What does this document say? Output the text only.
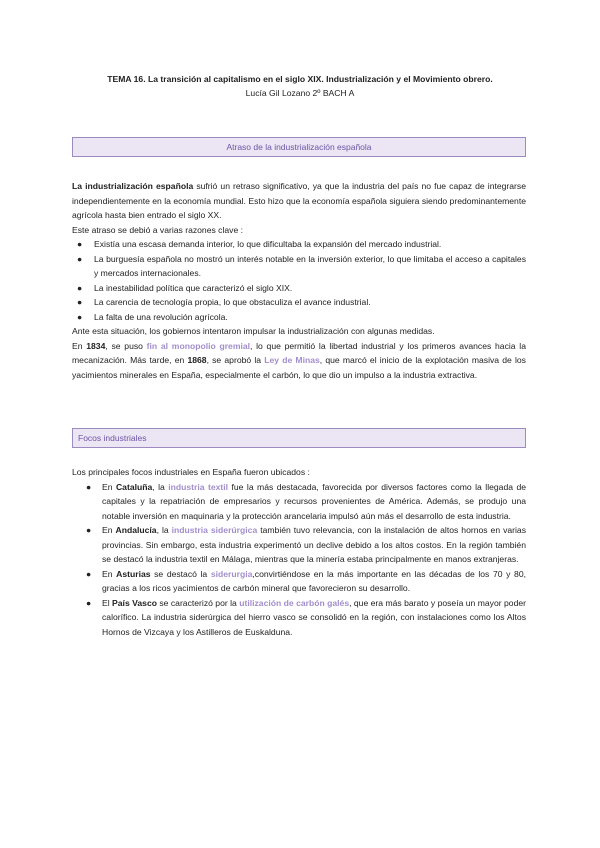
TEMA 16. La transición al capitalismo en el siglo XIX. Industrialización y el Movimiento obrero.
Lucía Gil Lozano 2º BACH A
Atraso de la industrialización española

La industrialización española sufrió un retraso significativo, ya que la industria del país no fue capaz de integrarse independientemente en la economía mundial. Esto hizo que la economía española siguiera siendo predominantemente agrícola hasta bien entrado el siglo XX.

Este atraso se debió a varias razones clave :

● Existía una escasa demanda interior, lo que dificultaba la expansión del mercado industrial.
● La burguesía española no mostró un interés notable en la inversión exterior, lo que limitaba el acceso a capitales y mercados internacionales.
● La inestabilidad política que caracterizó el siglo XIX.
● La carencia de tecnología propia, lo que obstaculiza el avance industrial.
● La falta de una revolución agrícola.

Ante esta situación, los gobiernos intentaron impulsar la industrialización con algunas medidas.

En 1834, se puso fin al monopolio gremial, lo que permitió la libertad industrial y los primeros avances hacia la mecanización. Más tarde, en 1868, se aprobó la Ley de Minas, que marcó el inicio de la explotación masiva de los yacimientos minerales en España, especialmente el carbón, lo que dio un impulso a la industria extractiva.

Focos industriales

Los principales focos industriales en España fueron ubicados :

● En Cataluña, la industria textil fue la más destacada, favorecida por diversos factores como la llegada de capitales y la repatriación de empresarios y recursos provenientes de América. Además, se produjo una notable inversión en maquinaria y la protección arancelaria impulsó aún más el desarrollo de esta industria.
● En Andalucía, la industria siderúrgica también tuvo relevancia, con la instalación de altos hornos en varias provincias. Sin embargo, esta industria experimentó un declive debido a los altos costos. En la región también se destacó la industria textil en Málaga, mientras que la minería estaba principalmente en manos extranjeras.
● En Asturias se destacó la siderurgia,convirtiéndose en la más importante en las décadas de los 70 y 80, gracias a los ricos yacimientos de carbón mineral que favorecieron su desarrollo.
● El País Vasco se caracterizó por la utilización de carbón galés, que era más barato y poseía un mayor poder calorífico. La industria siderúrgica del hierro vasco se consolidó en la región, con instalaciones como los Altos Hornos de Vizcaya y los Astilleros de Euskalduna.
